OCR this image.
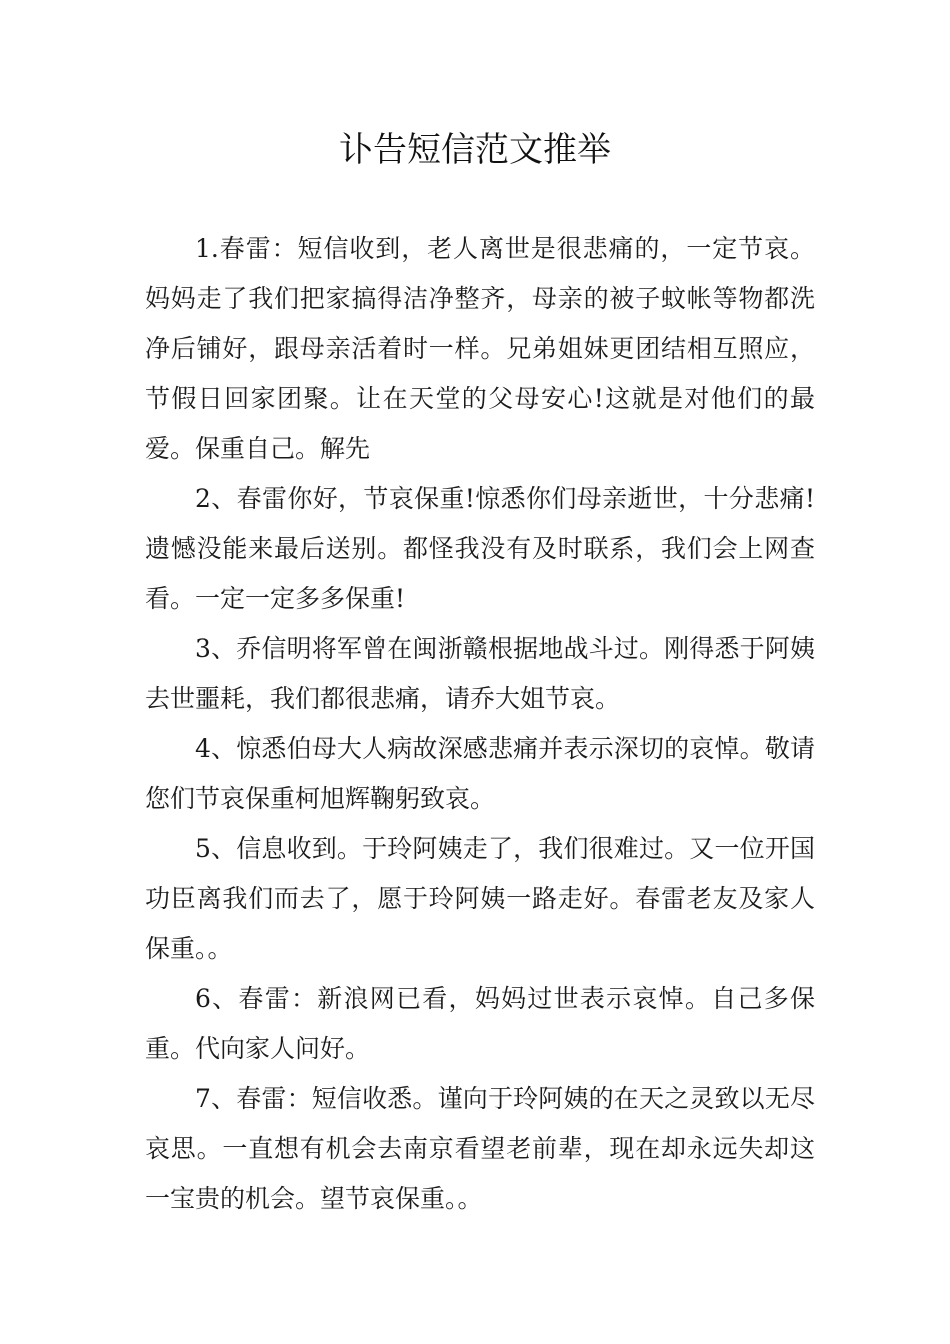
讣告短信范文推举

1.春雷：短信收到，老人离世是很悲痛的，一定节哀。妈妈走了我们把家搞得洁净整齐，母亲的被子蚊帐等物都洗净后铺好，跟母亲活着时一样。兄弟姐妹更团结相互照应，节假日回家团聚。让在天堂的父母安心!这就是对他们的最爱。保重自己。解先

2、春雷你好，节哀保重!惊悉你们母亲逝世，十分悲痛!遗憾没能来最后送别。都怪我没有及时联系，我们会上网查看。一定一定多多保重!

3、乔信明将军曾在闽浙赣根据地战斗过。刚得悉于阿姨去世噩耗，我们都很悲痛，请乔大姐节哀。

4、惊悉伯母大人病故深感悲痛并表示深切的哀悼。敬请您们节哀保重柯旭辉鞠躬致哀。

5、信息收到。于玲阿姨走了，我们很难过。又一位开国功臣离我们而去了，愿于玲阿姨一路走好。春雷老友及家人保重。。

6、春雷：新浪网已看，妈妈过世表示哀悼。自己多保重。代向家人问好。

7、春雷：短信收悉。谨向于玲阿姨的在天之灵致以无尽哀思。一直想有机会去南京看望老前辈，现在却永远失却这一宝贵的机会。望节哀保重。。
